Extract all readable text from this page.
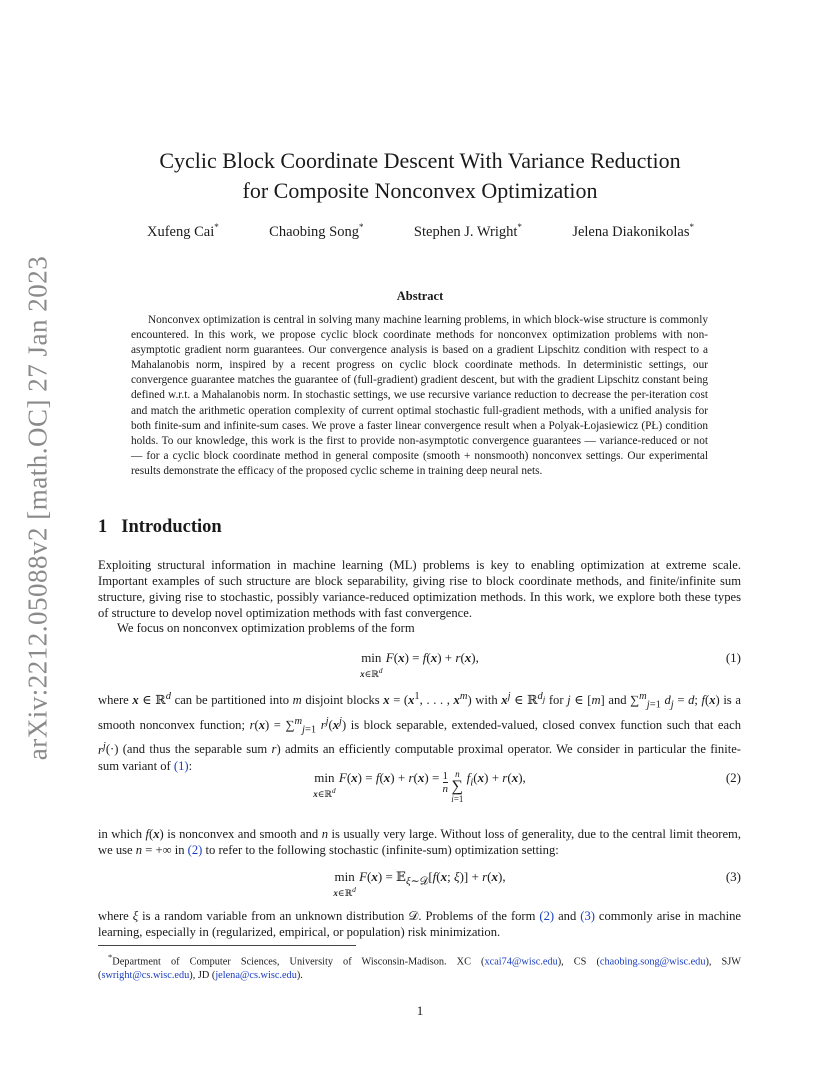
arXiv:2212.05088v2 [math.OC] 27 Jan 2023
Cyclic Block Coordinate Descent With Variance Reduction
for Composite Nonconvex Optimization
Xufeng Cai*	Chaobing Song*	Stephen J. Wright*	Jelena Diakonikolas*
Abstract

Nonconvex optimization is central in solving many machine learning problems, in which block-wise structure is commonly encountered. In this work, we propose cyclic block coordinate methods for nonconvex optimization problems with non-asymptotic gradient norm guarantees. Our convergence analysis is based on a gradient Lipschitz condition with respect to a Mahalanobis norm, inspired by a recent progress on cyclic block coordinate methods. In deterministic settings, our convergence guarantee matches the guarantee of (full-gradient) gradient descent, but with the gradient Lipschitz constant being defined w.r.t. a Mahalanobis norm. In stochastic settings, we use recursive variance reduction to decrease the per-iteration cost and match the arithmetic operation complexity of current optimal stochastic full-gradient methods, with a unified analysis for both finite-sum and infinite-sum cases. We prove a faster linear convergence result when a Polyak-Łojasiewicz (PŁ) condition holds. To our knowledge, this work is the first to provide non-asymptotic convergence guarantees — variance-reduced or not — for a cyclic block coordinate method in general composite (smooth + nonsmooth) nonconvex settings. Our experimental results demonstrate the efficacy of the proposed cyclic scheme in training deep neural nets.

1 Introduction

Exploiting structural information in machine learning (ML) problems is key to enabling optimization at extreme scale. Important examples of such structure are block separability, giving rise to block coordinate methods, and finite/infinite sum structure, giving rise to stochastic, possibly variance-reduced optimization methods. In this work, we explore both these types of structure to develop novel optimization methods with fast convergence.

We focus on nonconvex optimization problems of the form

min
x∈ℝ$^d$
F(x) = f(x) + r(x),	(1)

where x ∈ ℝ$^d$ can be partitioned into m disjoint blocks $x = (x^1$, . . . , $x^m$) with $x^j$ ∈ ℝ$^{d_j}$ for j ∈ [m] and ∑$^m_{j=1}$ $d_j = d$; f(x) is a smooth nonconvex function; r(x) = ∑$^m_{j=1}$ $r^j(x^j)$ is block separable, extended-valued, closed convex function such that each $r^j(\cdot)$ (and thus the separable sum r) admits an efficiently computable proximal operator. We consider in particular the finite-sum variant of (1):

min
x∈ℝ$^d$
F(x) = f(x) + r(x) = 1
n
n
∑
i=1 $f_i(x) + r(x)$,	(2)

in which f(x) is nonconvex and smooth and n is usually very large. Without loss of generality, due to the central limit theorem, we use n = +∞ in (2) to refer to the following stochastic (infinite-sum) optimization setting:

min
x∈ℝ$^d$
F(x) = 𝔼$_{\xi\sim 𝒟}$[f(x; ξ)] + r(x),	(3)

where ξ is a random variable from an unknown distribution 𝒟. Problems of the form (2) and (3) commonly arise in machine learning, especially in (regularized, empirical, or population) risk minimization.

*Department of Computer Sciences, University of Wisconsin-Madison. XC (xcai74@wisc.edu), CS (chaobing.song@wisc.edu), SJW (swright@cs.wisc.edu), JD (jelena@cs.wisc.edu).

1
